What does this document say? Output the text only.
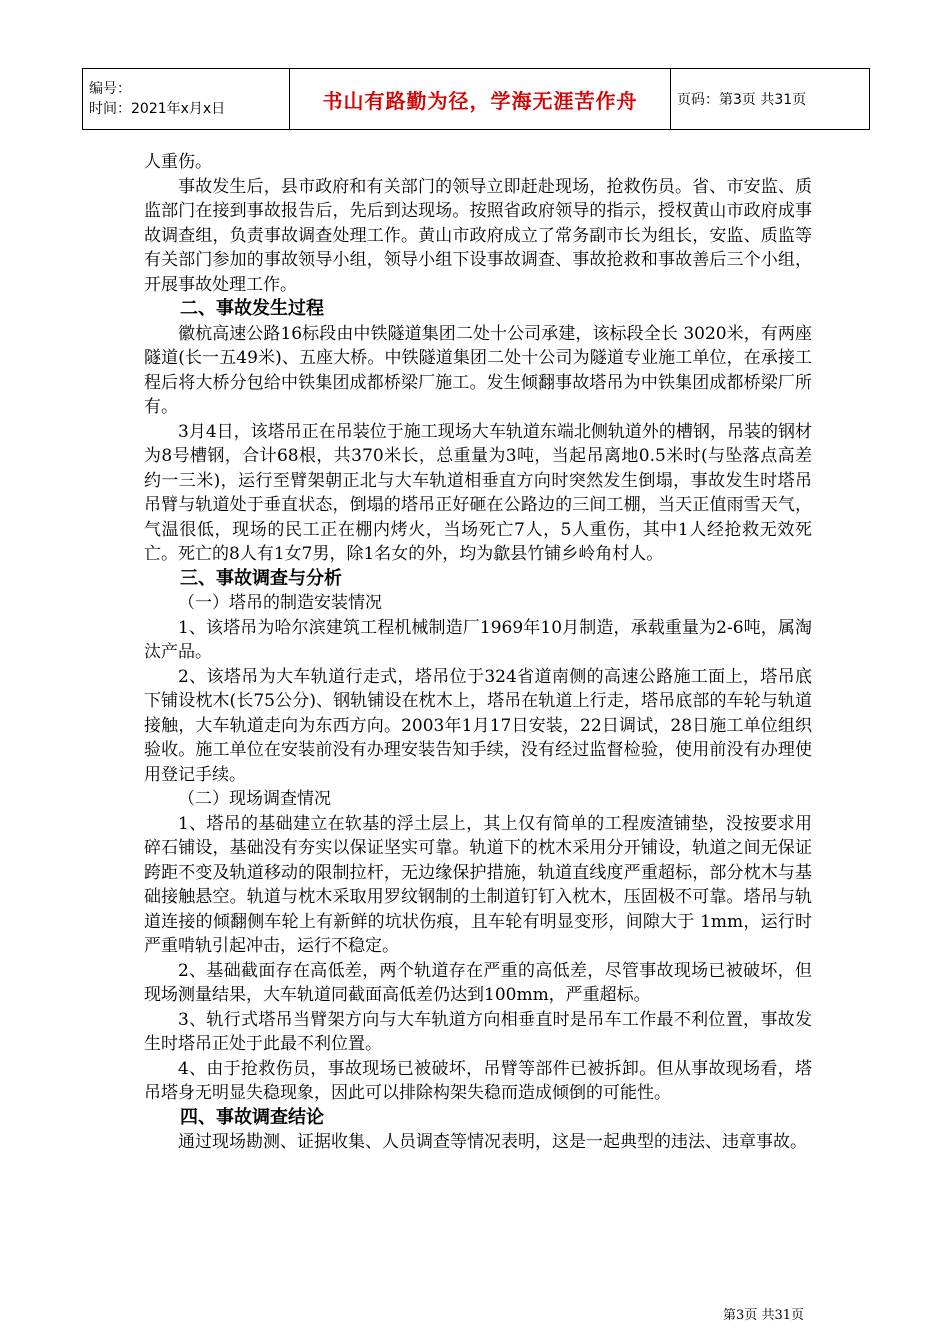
编号：
时间：2021年x月x日	书山有路勤为径，学海无涯苦作舟	页码：第3页 共31页

人重伤。

事故发生后，县市政府和有关部门的领导立即赶赴现场，抢救伤员。省、市安监、质监部门在接到事故报告后，先后到达现场。按照省政府领导的指示，授权黄山市政府成事故调查组，负责事故调查处理工作。黄山市政府成立了常务副市长为组长，安监、质监等有关部门参加的事故领导小组，领导小组下设事故调查、事故抢救和事故善后三个小组，开展事故处理工作。

二、事故发生过程

徽杭高速公路16标段由中铁隧道集团二处十公司承建，该标段全长 3020米，有两座隧道(长一五49米)、五座大桥。中铁隧道集团二处十公司为隧道专业施工单位，在承接工程后将大桥分包给中铁集团成都桥梁厂施工。发生倾翻事故塔吊为中铁集团成都桥梁厂所有。

3月4日，该塔吊正在吊装位于施工现场大车轨道东端北侧轨道外的槽钢，吊装的钢材为8号槽钢，合计68根，共370米长，总重量为3吨，当起吊离地0.5米时(与坠落点高差约一三米)，运行至臂架朝正北与大车轨道相垂直方向时突然发生倒塌，事故发生时塔吊吊臂与轨道处于垂直状态，倒塌的塔吊正好砸在公路边的三间工棚，当天正值雨雪天气，气温很低，现场的民工正在棚内烤火，当场死亡7人，5人重伤，其中1人经抢救无效死亡。死亡的8人有1女7男，除1名女的外，均为歙县竹铺乡岭角村人。

三、事故调查与分析

（一）塔吊的制造安装情况

1、该塔吊为哈尔滨建筑工程机械制造厂1969年10月制造，承载重量为2-6吨，属淘汰产品。

2、该塔吊为大车轨道行走式，塔吊位于324省道南侧的高速公路施工面上，塔吊底下铺设枕木(长75公分)、钢轨铺设在枕木上，塔吊在轨道上行走，塔吊底部的车轮与轨道接触，大车轨道走向为东西方向。2003年1月17日安装，22日调试，28日施工单位组织验收。施工单位在安装前没有办理安装告知手续，没有经过监督检验，使用前没有办理使用登记手续。

（二）现场调查情况

1、塔吊的基础建立在软基的浮土层上，其上仅有简单的工程废渣铺垫，没按要求用碎石铺设，基础没有夯实以保证坚实可靠。轨道下的枕木采用分开铺设，轨道之间无保证跨距不变及轨道移动的限制拉杆，无边缘保护措施，轨道直线度严重超标，部分枕木与基础接触悬空。轨道与枕木采取用罗纹钢制的土制道钉钉入枕木，压固极不可靠。塔吊与轨道连接的倾翻侧车轮上有新鲜的坑状伤痕，且车轮有明显变形，间隙大于 1mm，运行时严重啃轨引起冲击，运行不稳定。

2、基础截面存在高低差，两个轨道存在严重的高低差，尽管事故现场已被破坏，但现场测量结果，大车轨道同截面高低差仍达到100mm，严重超标。

3、轨行式塔吊当臂架方向与大车轨道方向相垂直时是吊车工作最不利位置，事故发生时塔吊正处于此最不利位置。

4、由于抢救伤员，事故现场已被破坏，吊臂等部件已被拆卸。但从事故现场看，塔吊塔身无明显失稳现象，因此可以排除构架失稳而造成倾倒的可能性。

四、事故调查结论

通过现场勘测、证据收集、人员调查等情况表明，这是一起典型的违法、违章事故。

第3页 共31页
